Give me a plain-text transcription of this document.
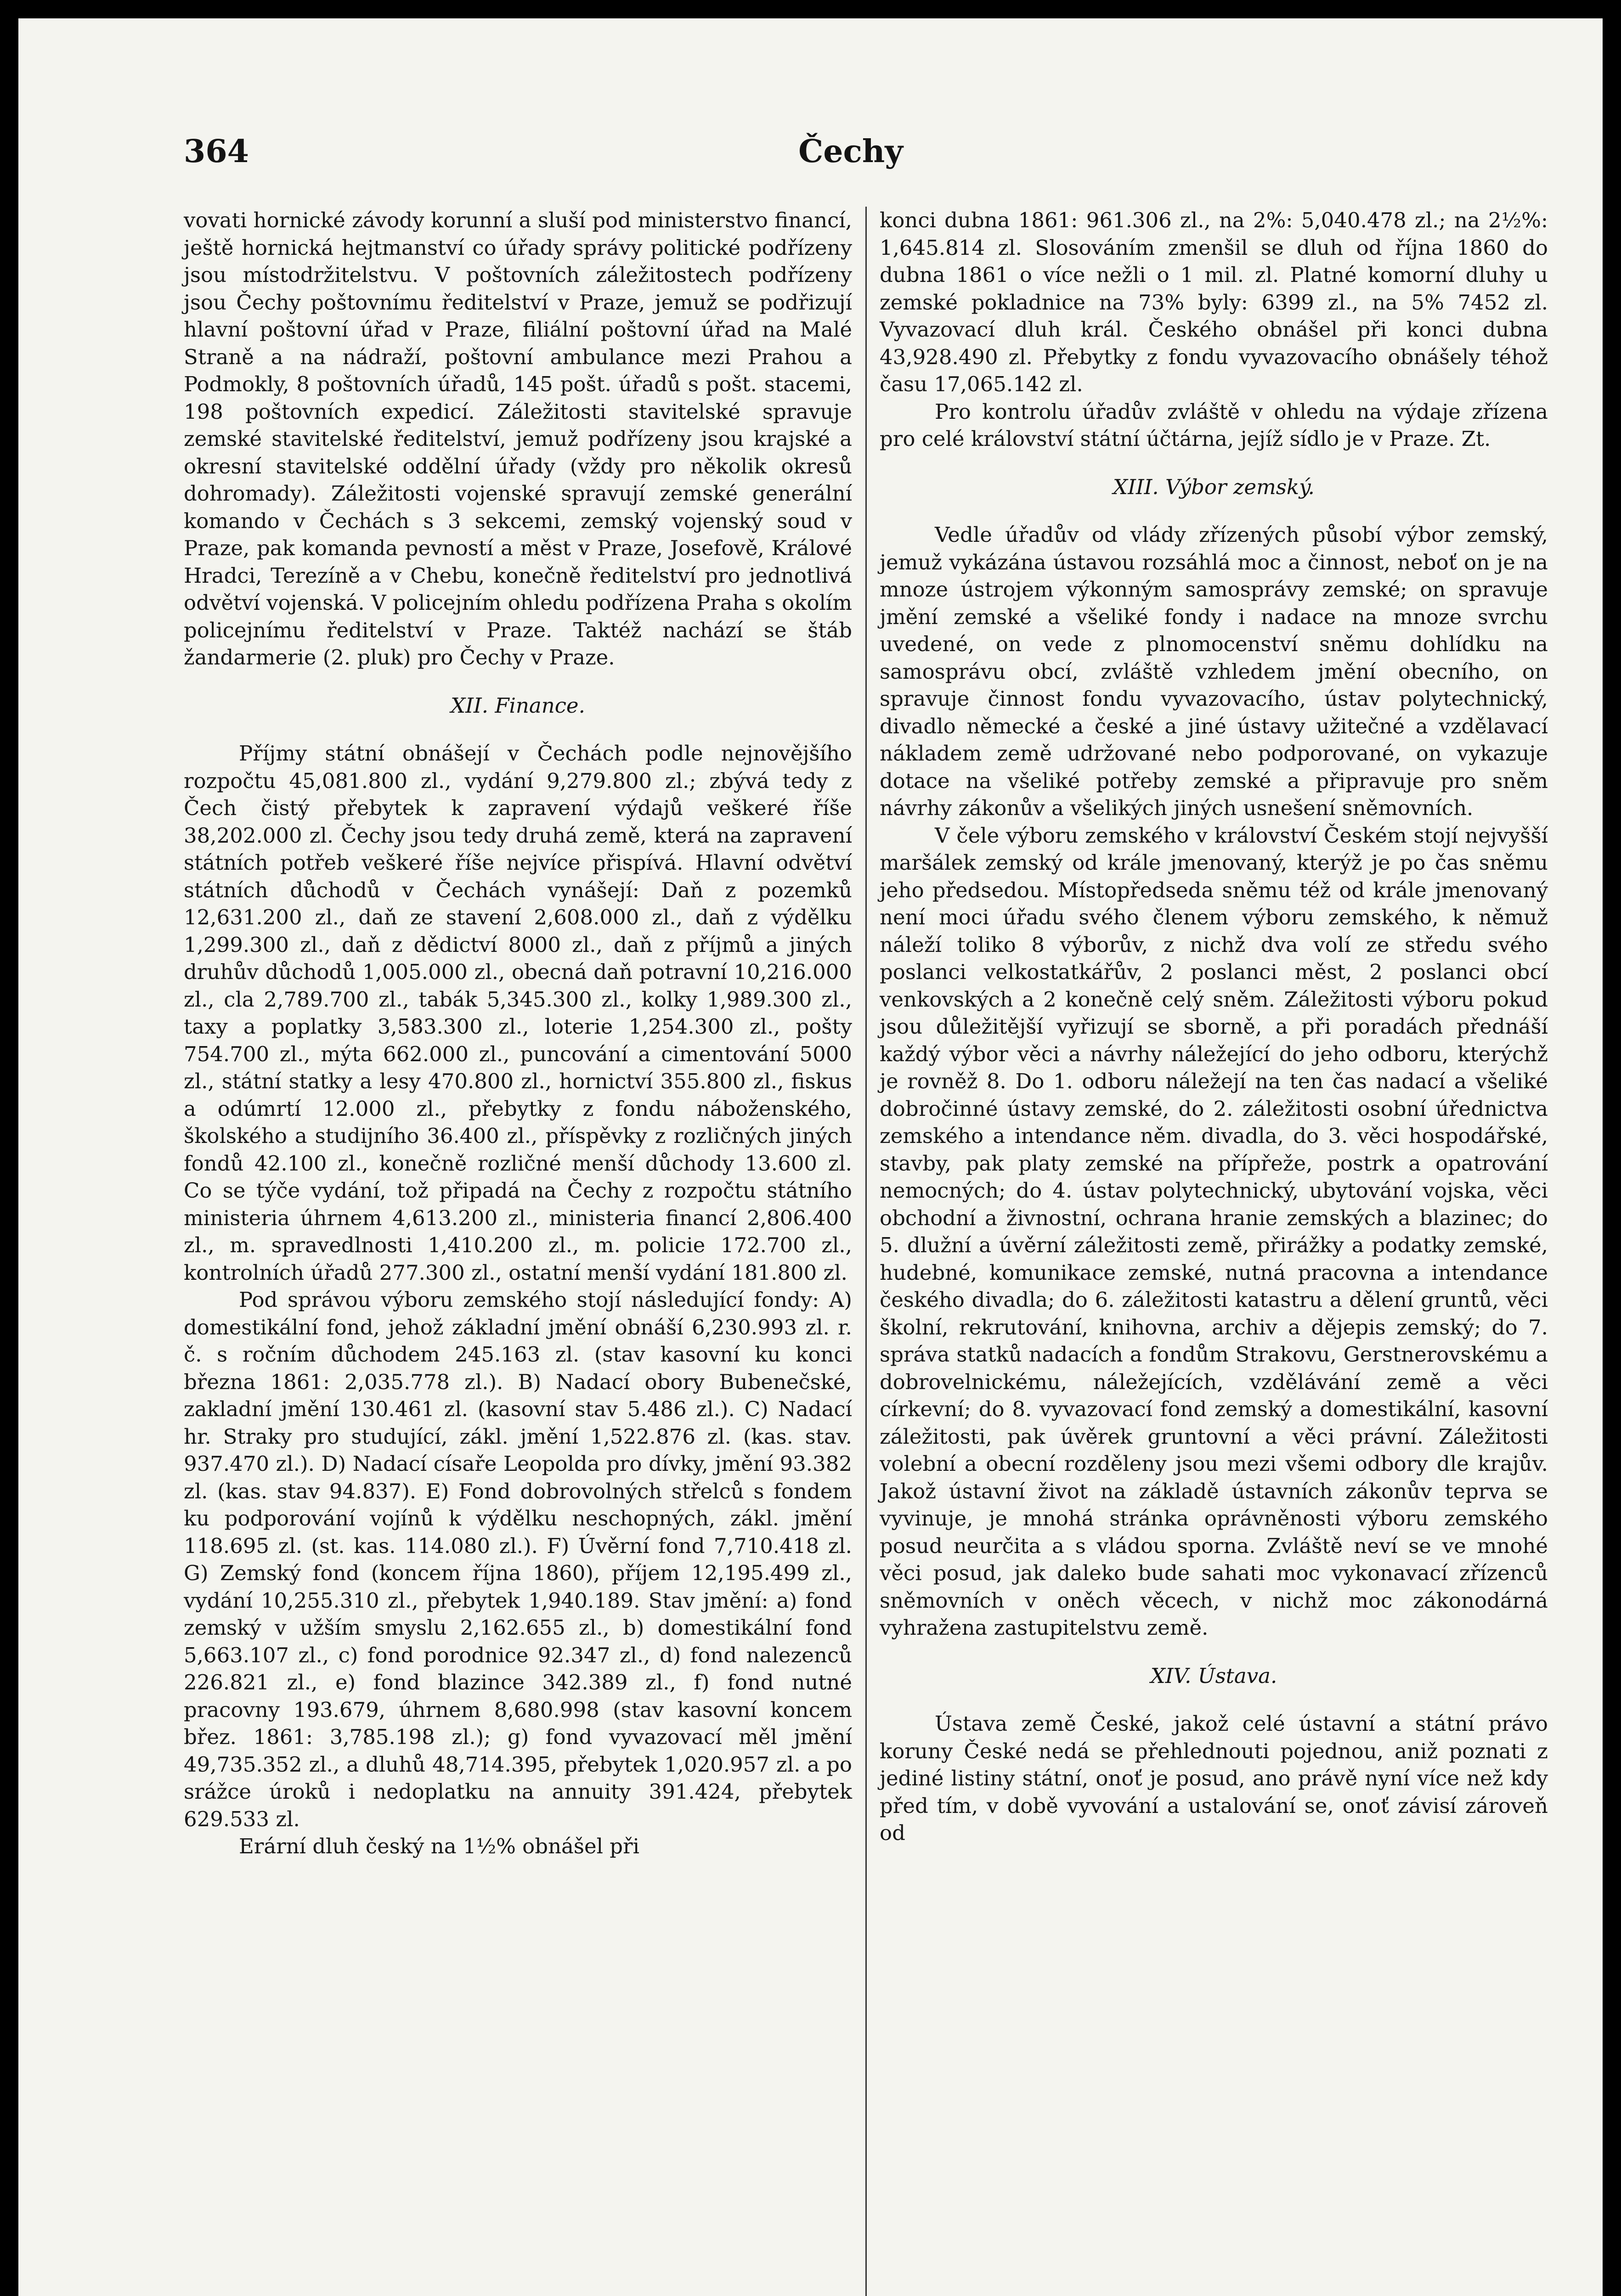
364	Čechy

vovati hornické závody korunní a sluší pod ministerstvo financí, ještě hornická hejtmanství co úřady správy politické podřízeny jsou místodržitelstvu. V poštovních záležitostech podřízeny jsou Čechy poštovnímu ředitelství v Praze, jemuž se podřizují hlavní poštovní úřad v Praze, filiální poštovní úřad na Malé Straně a na nádraží, poštovní ambulance mezi Prahou a Podmokly, 8 poštovních úřadů, 145 pošt. úřadů s pošt. stacemi, 198 poštovních expedicí. Záležitosti stavitelské spravuje zemské stavitelské ředitelství, jemuž podřízeny jsou krajské a okresní stavitelské oddělní úřady (vždy pro několik okresů dohromady). Záležitosti vojenské spravují zemské generální komando v Čechách s 3 sekcemi, zemský vojenský soud v Praze, pak komanda pevností a měst v Praze, Josefově, Králové Hradci, Terezíně a v Chebu, konečně ředitelství pro jednotlivá odvětví vojenská. V policejním ohledu podřízena Praha s okolím policejnímu ředitelství v Praze. Taktéž nachází se štáb žandarmerie (2. pluk) pro Čechy v Praze.

XII. Finance.

Příjmy státní obnášejí v Čechách podle nejnovějšího rozpočtu 45,081.800 zl., vydání 9,279.800 zl.; zbývá tedy z Čech čistý přebytek k zapravení výdajů veškeré říše 38,202.000 zl. Čechy jsou tedy druhá země, která na zapravení státních potřeb veškeré říše nejvíce přispívá. Hlavní odvětví státních důchodů v Čechách vynášejí: Daň z pozemků 12,631.200 zl., daň ze stavení 2,608.000 zl., daň z výdělku 1,299.300 zl., daň z dědictví 8000 zl., daň z příjmů a jiných druhův důchodů 1,005.000 zl., obecná daň potravní 10,216.000 zl., cla 2,789.700 zl., tabák 5,345.300 zl., kolky 1,989.300 zl., taxy a poplatky 3,583.300 zl., loterie 1,254.300 zl., pošty 754.700 zl., mýta 662.000 zl., puncování a cimentování 5000 zl., státní statky a lesy 470.800 zl., hornictví 355.800 zl., fiskus a odúmrtí 12.000 zl., přebytky z fondu náboženského, školského a studijního 36.400 zl., příspěvky z rozličných jiných fondů 42.100 zl., konečně rozličné menší důchody 13.600 zl. Co se týče vydání, tož připadá na Čechy z rozpočtu státního ministeria úhrnem 4,613.200 zl., ministeria financí 2,806.400 zl., m. spravedlnosti 1,410.200 zl., m. policie 172.700 zl., kontrolních úřadů 277.300 zl., ostatní menší vydání 181.800 zl.

Pod správou výboru zemského stojí následující fondy: A) domestikální fond, jehož základní jmění obnáší 6,230.993 zl. r. č. s ročním důchodem 245.163 zl. (stav kasovní ku konci března 1861: 2,035.778 zl.). B) Nadací obory Bubenečské, zakladní jmění 130.461 zl. (kasovní stav 5.486 zl.). C) Nadací hr. Straky pro studující, zákl. jmění 1,522.876 zl. (kas. stav. 937.470 zl.). D) Nadací císaře Leopolda pro dívky, jmění 93.382 zl. (kas. stav 94.837). E) Fond dobrovolných střelců s fondem ku podporování vojínů k výdělku neschopných, zákl. jmění 118.695 zl. (st. kas. 114.080 zl.). F) Úvěrní fond 7,710.418 zl. G) Zemský fond (koncem října 1860), příjem 12,195.499 zl., vydání 10,255.310 zl., přebytek 1,940.189. Stav jmění: a) fond zemský v užším smyslu 2,162.655 zl., b) domestikální fond 5,663.107 zl., c) fond porodnice 92.347 zl., d) fond nalezenců 226.821 zl., e) fond blazince 342.389 zl., f) fond nutné pracovny 193.679, úhrnem 8,680.998 (stav kasovní koncem břez. 1861: 3,785.198 zl.); g) fond vyvazovací měl jmění 49,735.352 zl., a dluhů 48,714.395, přebytek 1,020.957 zl. a po srážce úroků i nedoplatku na annuity 391.424, přebytek 629.533 zl.

Erární dluh český na 1⅟₂% obnášel při

konci dubna 1861: 961.306 zl., na 2%: 5,040.478 zl.; na 2½%: 1,645.814 zl. Slosováním zmenšil se dluh od října 1860 do dubna 1861 o více nežli o 1 mil. zl. Platné komorní dluhy u zemské pokladnice na 73% byly: 6399 zl., na 5% 7452 zl. Vyvazovací dluh král. Českého obnášel při konci dubna 43,928.490 zl. Přebytky z fondu vyvazovacího obnášely téhož času 17,065.142 zl.

Pro kontrolu úřadův zvláště v ohledu na výdaje zřízena pro celé království státní účtárna, jejíž sídlo je v Praze. Zt.

XIII. Výbor zemský.

Vedle úřadův od vlády zřízených působí výbor zemský, jemuž vykázána ústavou rozsáhlá moc a činnost, neboť on je na mnoze ústrojem výkonným samosprávy zemské; on spravuje jmění zemské a všeliké fondy i nadace na mnoze svrchu uvedené, on vede z plnomocenství sněmu dohlídku na samosprávu obcí, zvláště vzhledem jmění obecního, on spravuje činnost fondu vyvazovacího, ústav polytechnický, divadlo německé a české a jiné ústavy užitečné a vzdělavací nákladem země udržované nebo podporované, on vykazuje dotace na všeliké potřeby zemské a připravuje pro sněm návrhy zákonův a všelikých jiných usnešení sněmovních.

V čele výboru zemského v království Českém stojí nejvyšší maršálek zemský od krále jmenovaný, kterýž je po čas sněmu jeho předsedou. Místopředseda sněmu též od krále jmenovaný není moci úřadu svého členem výboru zemského, k němuž náleží toliko 8 výborův, z nichž dva volí ze středu svého poslanci velkostatkářův, 2 poslanci měst, 2 poslanci obcí venkovských a 2 konečně celý sněm. Záležitosti výboru pokud jsou důležitější vyřizují se sborně, a při poradách přednáší každý výbor věci a návrhy náležející do jeho odboru, kterýchž je rovněž 8. Do 1. odboru náležejí na ten čas nadací a všeliké dobročinné ústavy zemské, do 2. záležitosti osobní úřednictva zemského a intendance něm. divadla, do 3. věci hospodářské, stavby, pak platy zemské na přípřeže, postrk a opatrování nemocných; do 4. ústav polytechnický, ubytování vojska, věci obchodní a živnostní, ochrana hranie zemských a blazinec; do 5. dlužní a úvěrní záležitosti země, přirážky a podatky zemské, hudebné, komunikace zemské, nutná pracovna a intendance českého divadla; do 6. záležitosti katastru a dělení gruntů, věci školní, rekrutování, knihovna, archiv a dějepis zemský; do 7. správa statků nadacích a fondům Strakovu, Gerstnerovskému a dobrovelnickému, náležejících, vzdělávání země a věci církevní; do 8. vyvazovací fond zemský a domestikální, kasovní záležitosti, pak úvěrek gruntovní a věci právní. Záležitosti volební a obecní rozděleny jsou mezi všemi odbory dle krajův. Jakož ústavní život na základě ústavních zákonův teprva se vyvinuje, je mnohá stránka oprávněnosti výboru zemského posud neurčita a s vládou sporna. Zvláště neví se ve mnohé věci posud, jak daleko bude sahati moc vykonavací zřízenců sněmovních v oněch věcech, v nichž moc zákonodárná vyhražena zastupitelstvu země.

XIV. Ústava.

Ústava země České, jakož celé ústavní a státní právo koruny České nedá se přehlednouti pojednou, aniž poznati z jediné listiny státní, onoť je posud, ano právě nyní více než kdy před tím, v době vyvování a ustalování se, onoť závisí zároveň od
